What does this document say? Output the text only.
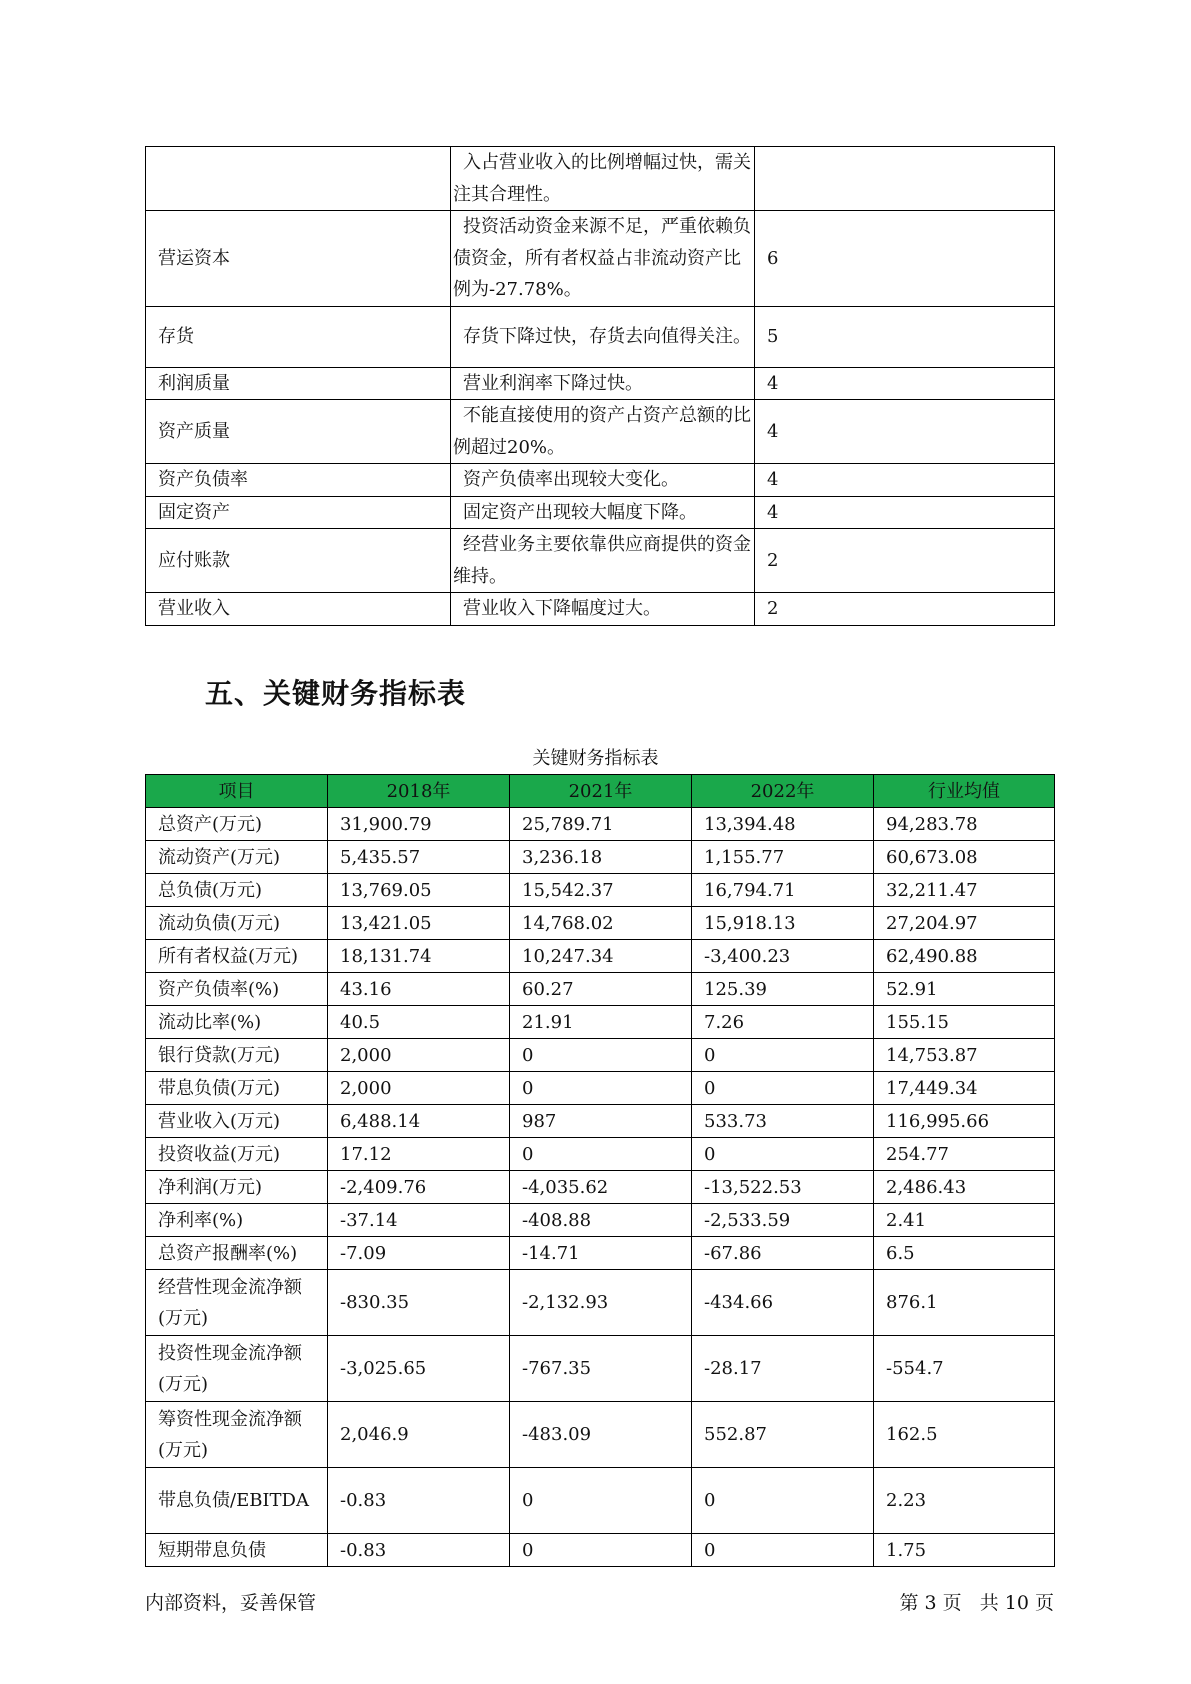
	入占营业收入的比例增幅过快，需关注其合理性。	
营运资本	投资活动资金来源不足，严重依赖负债资金，所有者权益占非流动资产比例为-27.78%。	6
存货	存货下降过快，存货去向值得关注。	5
利润质量	营业利润率下降过快。	4
资产质量	不能直接使用的资产占资产总额的比例超过20%。	4
资产负债率	资产负债率出现较大变化。	4
固定资产	固定资产出现较大幅度下降。	4
应付账款	经营业务主要依靠供应商提供的资金维持。	2
营业收入	营业收入下降幅度过大。	2
五、关键财务指标表
关键财务指标表
项目	2018年	2021年	2022年	行业均值
总资产(万元)	31,900.79	25,789.71	13,394.48	94,283.78
流动资产(万元)	5,435.57	3,236.18	1,155.77	60,673.08
总负债(万元)	13,769.05	15,542.37	16,794.71	32,211.47
流动负债(万元)	13,421.05	14,768.02	15,918.13	27,204.97
所有者权益(万元)	18,131.74	10,247.34	-3,400.23	62,490.88
资产负债率(%)	43.16	60.27	125.39	52.91
流动比率(%)	40.5	21.91	7.26	155.15
银行贷款(万元)	2,000	0	0	14,753.87
带息负债(万元)	2,000	0	0	17,449.34
营业收入(万元)	6,488.14	987	533.73	116,995.66
投资收益(万元)	17.12	0	0	254.77
净利润(万元)	-2,409.76	-4,035.62	-13,522.53	2,486.43
净利率(%)	-37.14	-408.88	-2,533.59	2.41
总资产报酬率(%)	-7.09	-14.71	-67.86	6.5
经营性现金流净额(万元)	-830.35	-2,132.93	-434.66	876.1
投资性现金流净额(万元)	-3,025.65	-767.35	-28.17	-554.7
筹资性现金流净额(万元)	2,046.9	-483.09	552.87	162.5
带息负债/EBITDA	-0.83	0	0	2.23
短期带息负债	-0.83	0	0	1.75
内部资料，妥善保管	第 3 页   共 10 页
